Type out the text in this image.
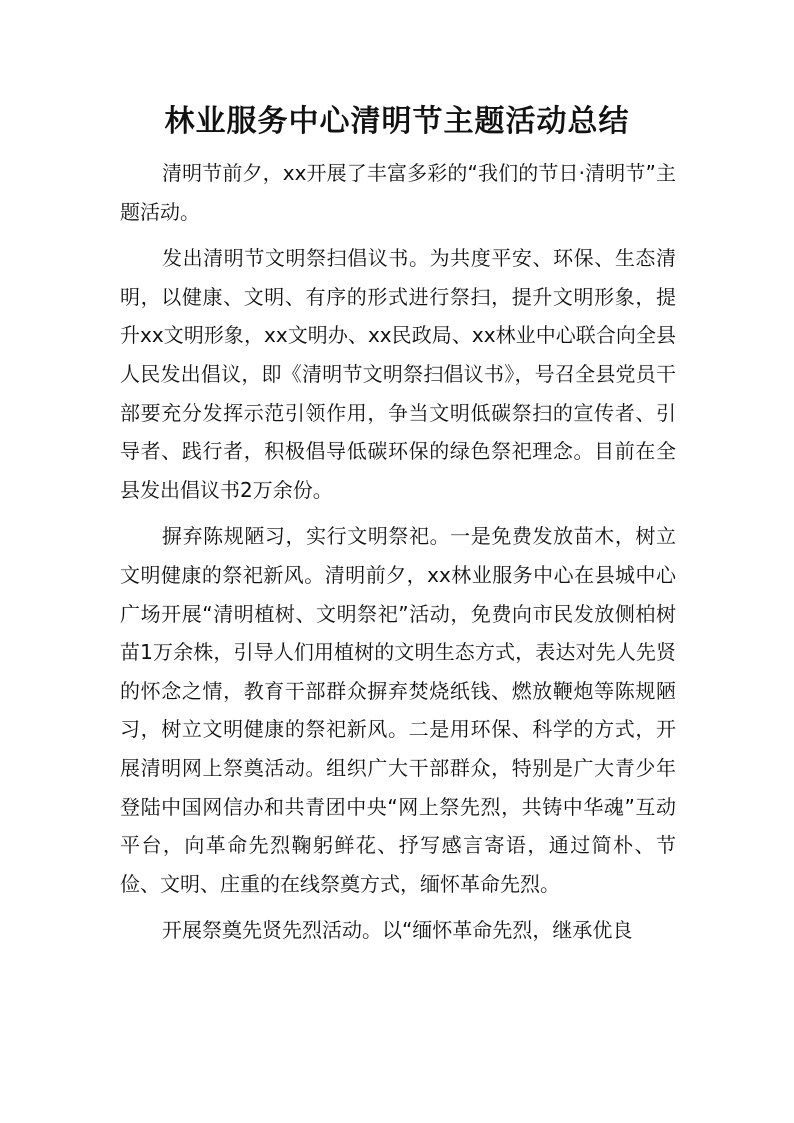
林业服务中心清明节主题活动总结

清明节前夕，xx开展了丰富多彩的“我们的节日·清明节”主题活动。

发出清明节文明祭扫倡议书。为共度平安、环保、生态清明，以健康、文明、有序的形式进行祭扫，提升文明形象，提升xx文明形象，xx文明办、xx民政局、xx林业中心联合向全县人民发出倡议，即《清明节文明祭扫倡议书》，号召全县党员干部要充分发挥示范引领作用，争当文明低碳祭扫的宣传者、引导者、践行者，积极倡导低碳环保的绿色祭祀理念。目前在全县发出倡议书2万余份。

摒弃陈规陋习，实行文明祭祀。一是免费发放苗木，树立文明健康的祭祀新风。清明前夕，xx林业服务中心在县城中心广场开展“清明植树、文明祭祀”活动，免费向市民发放侧柏树苗1万余株，引导人们用植树的文明生态方式，表达对先人先贤的怀念之情，教育干部群众摒弃焚烧纸钱、燃放鞭炮等陈规陋习，树立文明健康的祭祀新风。二是用环保、科学的方式，开展清明网上祭奠活动。组织广大干部群众，特别是广大青少年登陆中国网信办和共青团中央“网上祭先烈，共铸中华魂”互动平台，向革命先烈鞠躬鲜花、抒写感言寄语，通过简朴、节俭、文明、庄重的在线祭奠方式，缅怀革命先烈。

开展祭奠先贤先烈活动。以“缅怀革命先烈，继承优良
